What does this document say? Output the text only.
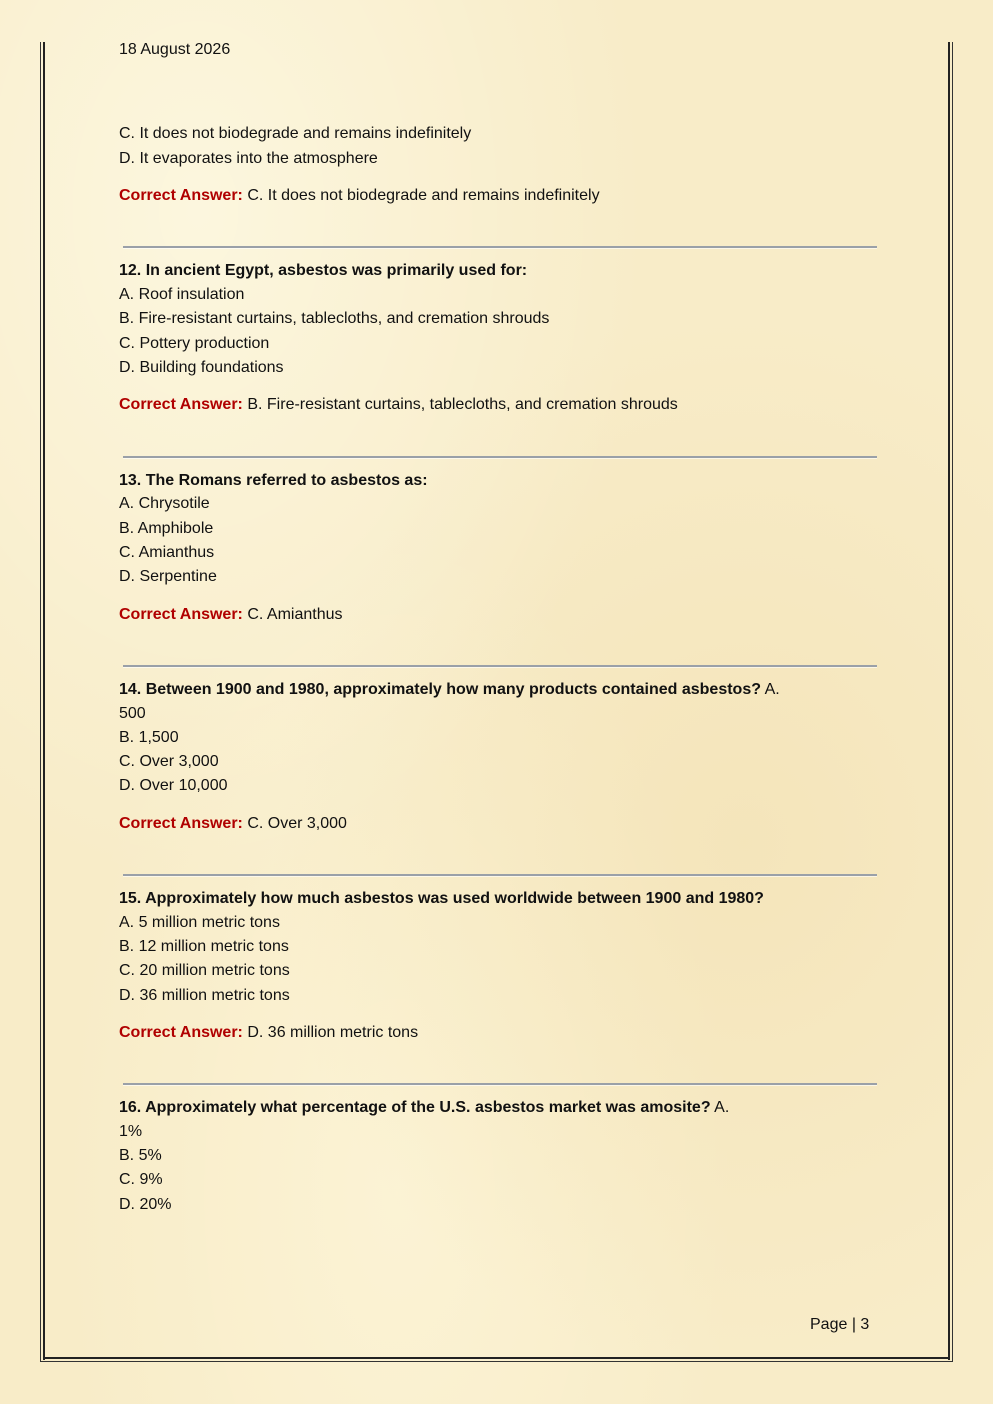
18 August 2026
C. It does not biodegrade and remains indefinitely
D. It evaporates into the atmosphere
Correct Answer: C. It does not biodegrade and remains indefinitely
12. In ancient Egypt, asbestos was primarily used for:
A. Roof insulation
B. Fire-resistant curtains, tablecloths, and cremation shrouds
C. Pottery production
D. Building foundations
Correct Answer: B. Fire-resistant curtains, tablecloths, and cremation shrouds
13. The Romans referred to asbestos as:
A. Chrysotile
B. Amphibole
C. Amianthus
D. Serpentine
Correct Answer: C. Amianthus
14. Between 1900 and 1980, approximately how many products contained asbestos? A.
500
B. 1,500
C. Over 3,000
D. Over 10,000
Correct Answer: C. Over 3,000
15. Approximately how much asbestos was used worldwide between 1900 and 1980?
A. 5 million metric tons
B. 12 million metric tons
C. 20 million metric tons
D. 36 million metric tons
Correct Answer: D. 36 million metric tons
16. Approximately what percentage of the U.S. asbestos market was amosite? A.
1%
B. 5%
C. 9%
D. 20%
Page | 3
